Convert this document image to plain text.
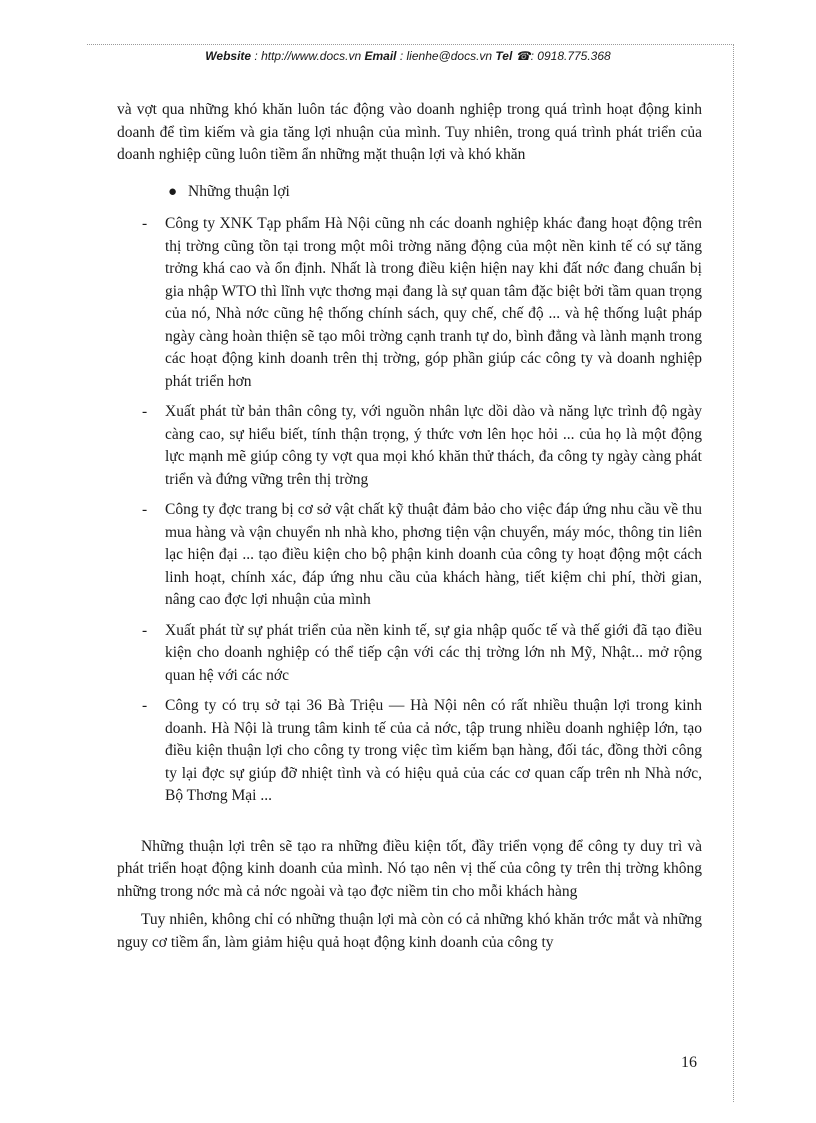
Website : http://www.docs.vn Email : lienhe@docs.vn Tel ☎: 0918.775.368

và vợt qua những khó khăn luôn tác động vào doanh nghiệp trong quá trình hoạt động kinh doanh để tìm kiếm và gia tăng lợi nhuận của mình. Tuy nhiên, trong quá trình phát triển của doanh nghiệp cũng luôn tiềm ẩn những mặt thuận lợi và khó khăn

● Những thuận lợi
- Công ty XNK Tạp phẩm Hà Nội cũng nh các doanh nghiệp khác đang hoạt động trên thị trờng cũng tồn tại trong một môi trờng năng động của một nền kinh tế có sự tăng trởng khá cao và ổn định. Nhất là trong điều kiện hiện nay khi đất nớc đang chuẩn bị gia nhập WTO thì lĩnh vực thơng mại đang là sự quan tâm đặc biệt bởi tầm quan trọng của nó, Nhà nớc cũng hệ thống chính sách, quy chế, chế độ ... và hệ thống luật pháp ngày càng hoàn thiện sẽ tạo môi trờng cạnh tranh tự do, bình đẳng và lành mạnh trong các hoạt động kinh doanh trên thị trờng, góp phần giúp các công ty và doanh nghiệp phát triển hơn
- Xuất phát từ bản thân công ty, với nguồn nhân lực dồi dào và năng lực trình độ ngày càng cao, sự hiểu biết, tính thận trọng, ý thức vơn lên học hỏi ... của họ là một động lực mạnh mẽ giúp công ty vợt qua mọi khó khăn thử thách, đa công ty ngày càng phát triển và đứng vững trên thị trờng
- Công ty đợc trang bị cơ sở vật chất kỹ thuật đảm bảo cho việc đáp ứng nhu cầu về thu mua hàng và vận chuyển nh nhà kho, phơng tiện vận chuyển, máy móc, thông tin liên lạc hiện đại ... tạo điều kiện cho bộ phận kinh doanh của công ty hoạt động một cách linh hoạt, chính xác, đáp ứng nhu cầu của khách hàng, tiết kiệm chi phí, thời gian, nâng cao đợc lợi nhuận của mình
- Xuất phát từ sự phát triển của nền kinh tế, sự gia nhập quốc tế và thế giới đã tạo điều kiện cho doanh nghiệp có thể tiếp cận với các thị trờng lớn nh Mỹ, Nhật... mở rộng quan hệ với các nớc
- Công ty có trụ sở tại 36 Bà Triệu — Hà Nội nên có rất nhiều thuận lợi trong kinh doanh. Hà Nội là trung tâm kinh tế của cả nớc, tập trung nhiều doanh nghiệp lớn, tạo điều kiện thuận lợi cho công ty trong việc tìm kiếm bạn hàng, đối tác, đồng thời công ty lại đợc sự giúp đỡ nhiệt tình và có hiệu quả của các cơ quan cấp trên nh Nhà nớc, Bộ Thơng Mại ...

Những thuận lợi trên sẽ tạo ra những điều kiện tốt, đầy triển vọng để công ty duy trì và phát triển hoạt động kinh doanh của mình. Nó tạo nên vị thế của công ty trên thị trờng không những trong nớc mà cả nớc ngoài và tạo đợc niềm tin cho mỗi khách hàng

Tuy nhiên, không chỉ có những thuận lợi mà còn có cả những khó khăn trớc mắt và những nguy cơ tiềm ẩn, làm giảm hiệu quả hoạt động kinh doanh của công ty

16
